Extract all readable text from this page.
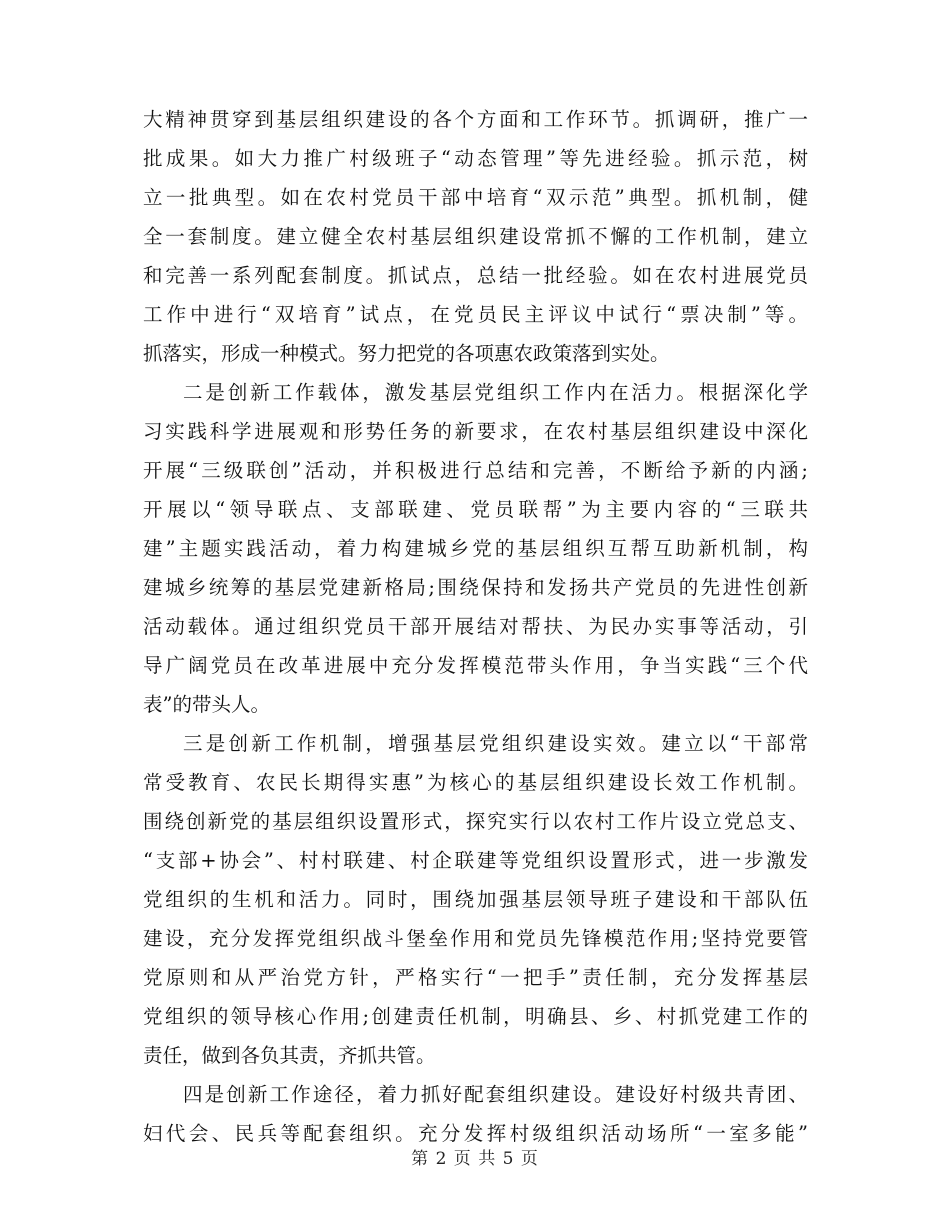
大精神贯穿到基层组织建设的各个方面和工作环节。抓调研，推广一
批成果。如大力推广村级班子“动态管理”等先进经验。抓示范，树
立一批典型。如在农村党员干部中培育“双示范”典型。抓机制，健
全一套制度。建立健全农村基层组织建设常抓不懈的工作机制，建立
和完善一系列配套制度。抓试点，总结一批经验。如在农村进展党员
工作中进行“双培育”试点，在党员民主评议中试行“票决制”等。
抓落实，形成一种模式。努力把党的各项惠农政策落到实处。
二是创新工作载体，激发基层党组织工作内在活力。根据深化学
习实践科学进展观和形势任务的新要求，在农村基层组织建设中深化
开展“三级联创”活动，并积极进行总结和完善，不断给予新的内涵;
开展以“领导联点、支部联建、党员联帮”为主要内容的“三联共
建”主题实践活动，着力构建城乡党的基层组织互帮互助新机制，构
建城乡统筹的基层党建新格局;围绕保持和发扬共产党员的先进性创新
活动载体。通过组织党员干部开展结对帮扶、为民办实事等活动，引
导广阔党员在改革进展中充分发挥模范带头作用，争当实践“三个代
表”的带头人。
三是创新工作机制，增强基层党组织建设实效。建立以“干部常
常受教育、农民长期得实惠”为核心的基层组织建设长效工作机制。
围绕创新党的基层组织设置形式，探究实行以农村工作片设立党总支、
“支部+协会”、村村联建、村企联建等党组织设置形式，进一步激发
党组织的生机和活力。同时，围绕加强基层领导班子建设和干部队伍
建设，充分发挥党组织战斗堡垒作用和党员先锋模范作用;坚持党要管
党原则和从严治党方针，严格实行“一把手”责任制，充分发挥基层
党组织的领导核心作用;创建责任机制，明确县、乡、村抓党建工作的
责任，做到各负其责，齐抓共管。
四是创新工作途径，着力抓好配套组织建设。建设好村级共青团、
妇代会、民兵等配套组织。充分发挥村级组织活动场所“一室多能”
第 2 页 共 5 页
